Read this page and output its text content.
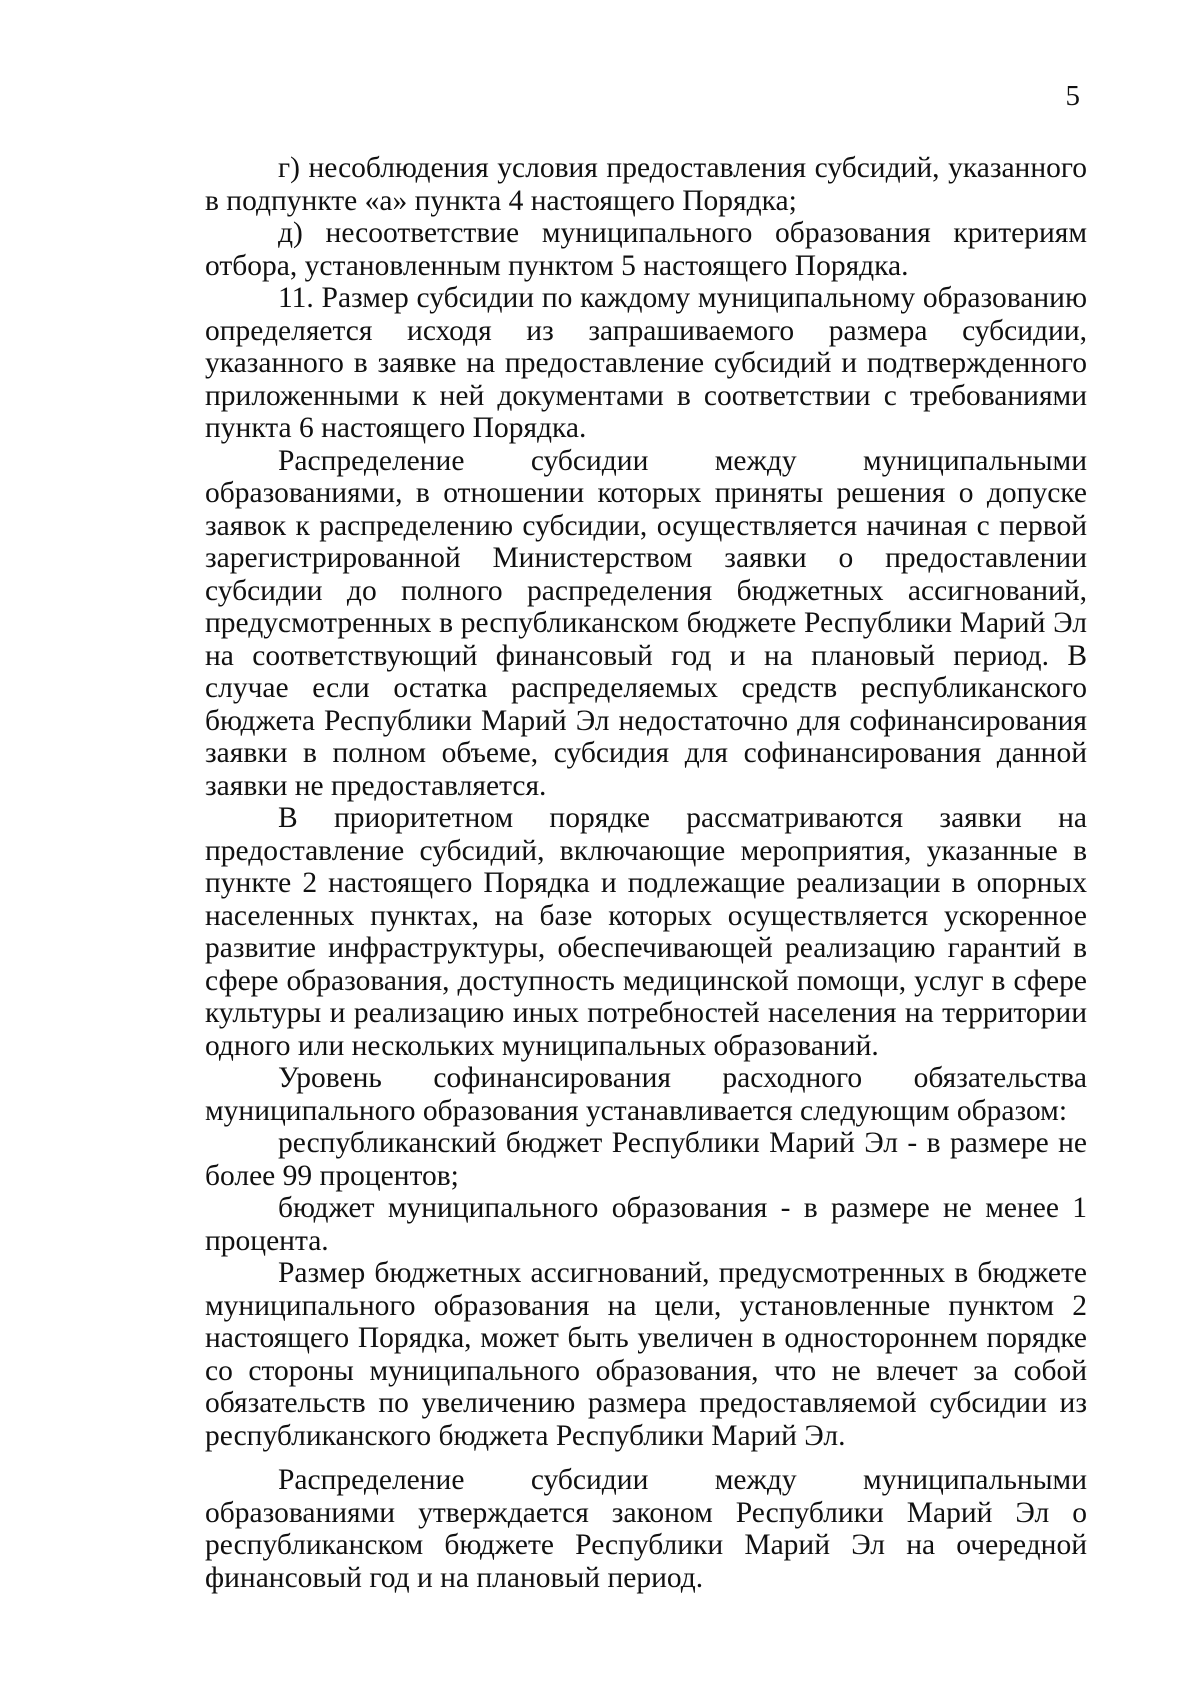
5

г) несоблюдения условия предоставления субсидий, указанного в подпункте «а» пункта 4 настоящего Порядка;

д) несоответствие муниципального образования критериям отбора, установленным пунктом 5 настоящего Порядка.

11. Размер субсидии по каждому муниципальному образованию определяется исходя из запрашиваемого размера субсидии, указанного в заявке на предоставление субсидий и подтвержденного приложенными к ней документами в соответствии с требованиями пункта 6 настоящего Порядка.

Распределение субсидии между муниципальными образованиями, в отношении которых приняты решения о допуске заявок к распределению субсидии, осуществляется начиная с первой зарегистрированной Министерством заявки о предоставлении субсидии до полного распределения бюджетных ассигнований, предусмотренных в республиканском бюджете Республики Марий Эл на соответствующий финансовый год и на плановый период. В случае если остатка распределяемых средств республиканского бюджета Республики Марий Эл недостаточно для софинансирования заявки в полном объеме, субсидия для софинансирования данной заявки не предоставляется.

В приоритетном порядке рассматриваются заявки на предоставление субсидий, включающие мероприятия, указанные в пункте 2 настоящего Порядка и подлежащие реализации в опорных населенных пунктах, на базе которых осуществляется ускоренное развитие инфраструктуры, обеспечивающей реализацию гарантий в сфере образования, доступность медицинской помощи, услуг в сфере культуры и реализацию иных потребностей населения на территории одного или нескольких муниципальных образований.

Уровень софинансирования расходного обязательства муниципального образования устанавливается следующим образом:

республиканский бюджет Республики Марий Эл - в размере не более 99 процентов;

бюджет муниципального образования - в размере не менее 1 процента.

Размер бюджетных ассигнований, предусмотренных в бюджете муниципального образования на цели, установленные пунктом 2 настоящего Порядка, может быть увеличен в одностороннем порядке со стороны муниципального образования, что не влечет за собой обязательств по увеличению размера предоставляемой субсидии из республиканского бюджета Республики Марий Эл.

Распределение субсидии между муниципальными образованиями утверждается законом Республики Марий Эл о республиканском бюджете Республики Марий Эл на очередной финансовый год и на плановый период.
